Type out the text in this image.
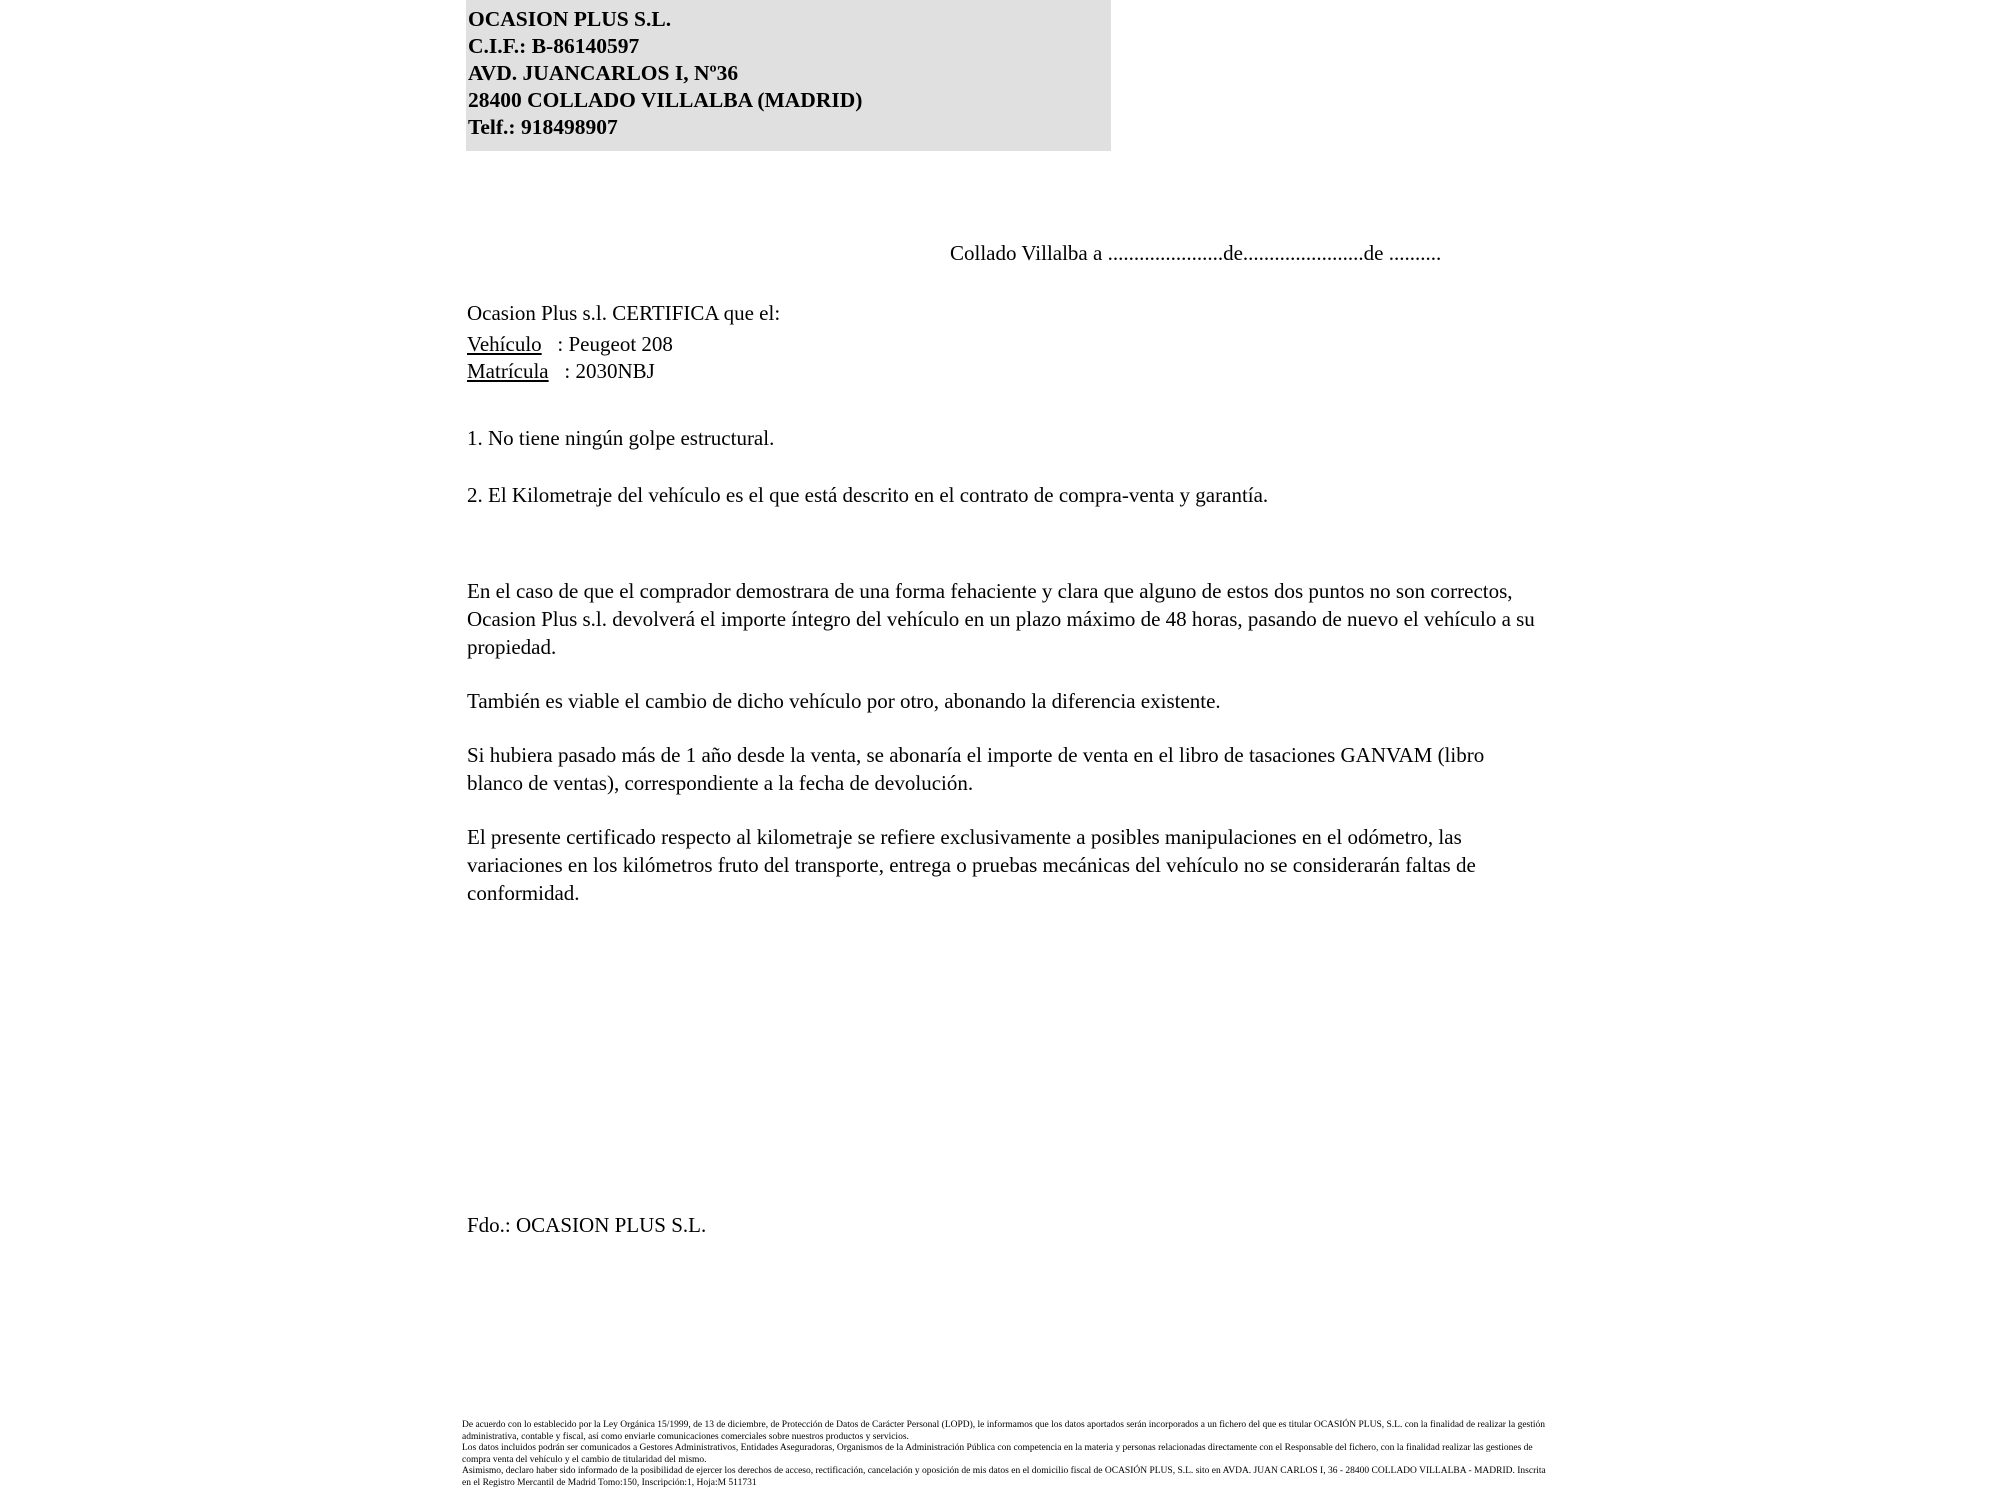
OCASION PLUS S.L.
C.I.F.: B-86140597
AVD. JUANCARLOS I, Nº36
28400 COLLADO VILLALBA (MADRID)
Telf.: 918498907
Collado Villalba a ......................de.......................de ..........

Ocasion Plus s.l. CERTIFICA que el:

Vehículo   : Peugeot 208

Matrícula   : 2030NBJ

1. No tiene ningún golpe estructural.

2. El Kilometraje del vehículo es el que está descrito en el contrato de compra-venta y garantía.

En el caso de que el comprador demostrara de una forma fehaciente y clara que alguno de estos dos puntos no son correctos, Ocasion Plus s.l. devolverá el importe íntegro del vehículo en un plazo máximo de 48 horas, pasando de nuevo el vehículo a su propiedad.

También es viable el cambio de dicho vehículo por otro, abonando la diferencia existente.

Si hubiera pasado más de 1 año desde la venta, se abonaría el importe de venta en el libro de tasaciones GANVAM (libro blanco de ventas), correspondiente a la fecha de devolución.

El presente certificado respecto al kilometraje se refiere exclusivamente a posibles manipulaciones en el odómetro, las variaciones en los kilómetros fruto del transporte, entrega o pruebas mecánicas del vehículo no se considerarán faltas de conformidad.

Fdo.: OCASION PLUS S.L.

De acuerdo con lo establecido por la Ley Orgánica 15/1999, de 13 de diciembre, de Protección de Datos de Carácter Personal (LOPD), le informamos que los datos aportados serán incorporados a un fichero del que es titular OCASIÓN PLUS, S.L. con la finalidad de realizar la gestión administrativa, contable y fiscal, así como enviarle comunicaciones comerciales sobre nuestros productos y servicios.

Los datos incluidos podrán ser comunicados a Gestores Administrativos, Entidades Aseguradoras, Organismos de la Administración Pública con competencia en la materia y personas relacionadas directamente con el Responsable del fichero, con la finalidad realizar las gestiones de compra venta del vehículo y el cambio de titularidad del mismo.

Asimismo, declaro haber sido informado de la posibilidad de ejercer los derechos de acceso, rectificación, cancelación y oposición de mis datos en el domicilio fiscal de OCASIÓN PLUS, S.L. sito en AVDA. JUAN CARLOS I, 36 - 28400 COLLADO VILLALBA - MADRID. Inscrita en el Registro Mercantil de Madrid Tomo:150, Inscripción:1, Hoja:M 511731
